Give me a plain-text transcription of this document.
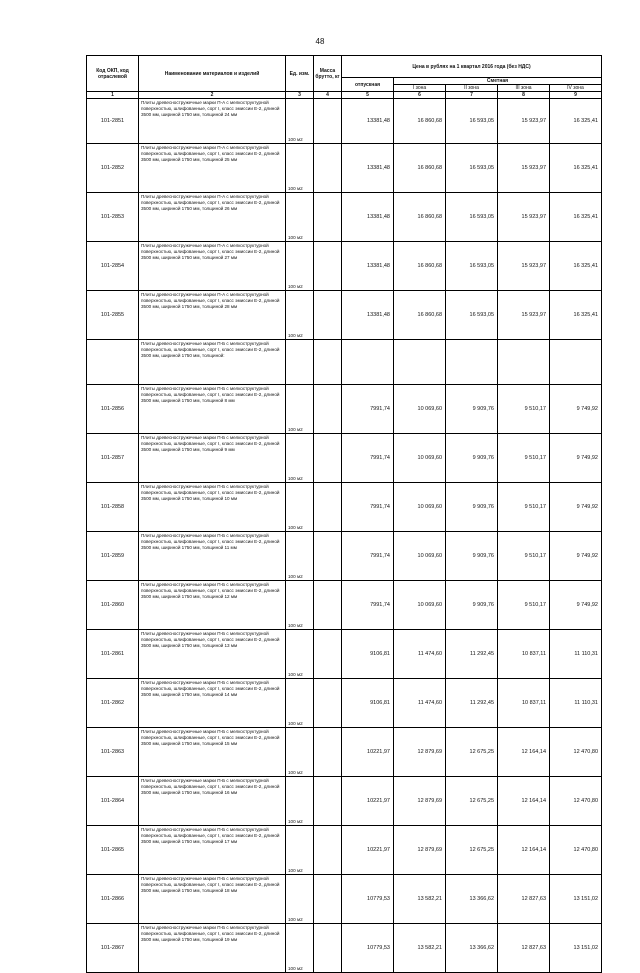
48
Код ОКП, код отраслевой	Наименование материалов и изделий	Ед. изм.	Масса брутто, кг	Цена в рублях на 1 квартал 2016 года (без НДС)				
				отпускная	Сметная			
					I зона	II зона	III зона	IV зона
1	2	3	4	5	6	7	8	9
101-2851	Плиты древесностружечные марки П-А с мелкоструктурной поверхностью, шлифованные, сорт I, класс эмиссии Е-2, длиной 3500 мм, шириной 1750 мм, толщиной 24 мм	100 м2		13381,48	16 860,68	16 593,05	15 923,97	16 325,41
101-2852	Плиты древесностружечные марки П-А с мелкоструктурной поверхностью, шлифованные, сорт I, класс эмиссии Е-2, длиной 3500 мм, шириной 1750 мм, толщиной 25 мм	100 м2		13381,48	16 860,68	16 593,05	15 923,97	16 325,41
101-2853	Плиты древесностружечные марки П-А с мелкоструктурной поверхностью, шлифованные, сорт I, класс эмиссии Е-2, длиной 3500 мм, шириной 1750 мм, толщиной 26 мм	100 м2		13381,48	16 860,68	16 593,05	15 923,97	16 325,41
101-2854	Плиты древесностружечные марки П-А с мелкоструктурной поверхностью, шлифованные, сорт I, класс эмиссии Е-2, длиной 3500 мм, шириной 1750 мм, толщиной 27 мм	100 м2		13381,48	16 860,68	16 593,05	15 923,97	16 325,41
101-2855	Плиты древесностружечные марки П-А с мелкоструктурной поверхностью, шлифованные, сорт I, класс эмиссии Е-2, длиной 3500 мм, шириной 1750 мм, толщиной 28 мм	100 м2		13381,48	16 860,68	16 593,05	15 923,97	16 325,41
	Плиты древесностружечные марки П-Б с мелкоструктурной поверхностью, шлифованные, сорт I, класс эмиссии Е-2, длиной 3500 мм, шириной 1750 мм, толщиной:							
101-2856	Плиты древесностружечные марки П-Б с мелкоструктурной поверхностью, шлифованные, сорт I, класс эмиссии Е-2, длиной 3500 мм, шириной 1750 мм, толщиной 8 мм	100 м2		7991,74	10 069,60	9 909,76	9 510,17	9 749,92
101-2857	Плиты древесностружечные марки П-Б с мелкоструктурной поверхностью, шлифованные, сорт I, класс эмиссии Е-2, длиной 3500 мм, шириной 1750 мм, толщиной 9 мм	100 м2		7991,74	10 069,60	9 909,76	9 510,17	9 749,92
101-2858	Плиты древесностружечные марки П-Б с мелкоструктурной поверхностью, шлифованные, сорт I, класс эмиссии Е-2, длиной 3500 мм, шириной 1750 мм, толщиной 10 мм	100 м2		7991,74	10 069,60	9 909,76	9 510,17	9 749,92
101-2859	Плиты древесностружечные марки П-Б с мелкоструктурной поверхностью, шлифованные, сорт I, класс эмиссии Е-2, длиной 3500 мм, шириной 1750 мм, толщиной 11 мм	100 м2		7991,74	10 069,60	9 909,76	9 510,17	9 749,92
101-2860	Плиты древесностружечные марки П-Б с мелкоструктурной поверхностью, шлифованные, сорт I, класс эмиссии Е-2, длиной 3500 мм, шириной 1750 мм, толщиной 12 мм	100 м2		7991,74	10 069,60	9 909,76	9 510,17	9 749,92
101-2861	Плиты древесностружечные марки П-Б с мелкоструктурной поверхностью, шлифованные, сорт I, класс эмиссии Е-2, длиной 3500 мм, шириной 1750 мм, толщиной 13 мм	100 м2		9106,81	11 474,60	11 292,45	10 837,11	11 110,31
101-2862	Плиты древесностружечные марки П-Б с мелкоструктурной поверхностью, шлифованные, сорт I, класс эмиссии Е-2, длиной 3500 мм, шириной 1750 мм, толщиной 14 мм	100 м2		9106,81	11 474,60	11 292,45	10 837,11	11 110,31
101-2863	Плиты древесностружечные марки П-Б с мелкоструктурной поверхностью, шлифованные, сорт I, класс эмиссии Е-2, длиной 3500 мм, шириной 1750 мм, толщиной 15 мм	100 м2		10221,97	12 879,69	12 675,25	12 164,14	12 470,80
101-2864	Плиты древесностружечные марки П-Б с мелкоструктурной поверхностью, шлифованные, сорт I, класс эмиссии Е-2, длиной 3500 мм, шириной 1750 мм, толщиной 16 мм	100 м2		10221,97	12 879,69	12 675,25	12 164,14	12 470,80
101-2865	Плиты древесностружечные марки П-Б с мелкоструктурной поверхностью, шлифованные, сорт I, класс эмиссии Е-2, длиной 3500 мм, шириной 1750 мм, толщиной 17 мм	100 м2		10221,97	12 879,69	12 675,25	12 164,14	12 470,80
101-2866	Плиты древесностружечные марки П-Б с мелкоструктурной поверхностью, шлифованные, сорт I, класс эмиссии Е-2, длиной 3500 мм, шириной 1750 мм, толщиной 18 мм	100 м2		10779,53	13 582,21	13 366,62	12 827,63	13 151,02
101-2867	Плиты древесностружечные марки П-Б с мелкоструктурной поверхностью, шлифованные, сорт I, класс эмиссии Е-2, длиной 3500 мм, шириной 1750 мм, толщиной 19 мм	100 м2		10779,53	13 582,21	13 366,62	12 827,63	13 151,02
